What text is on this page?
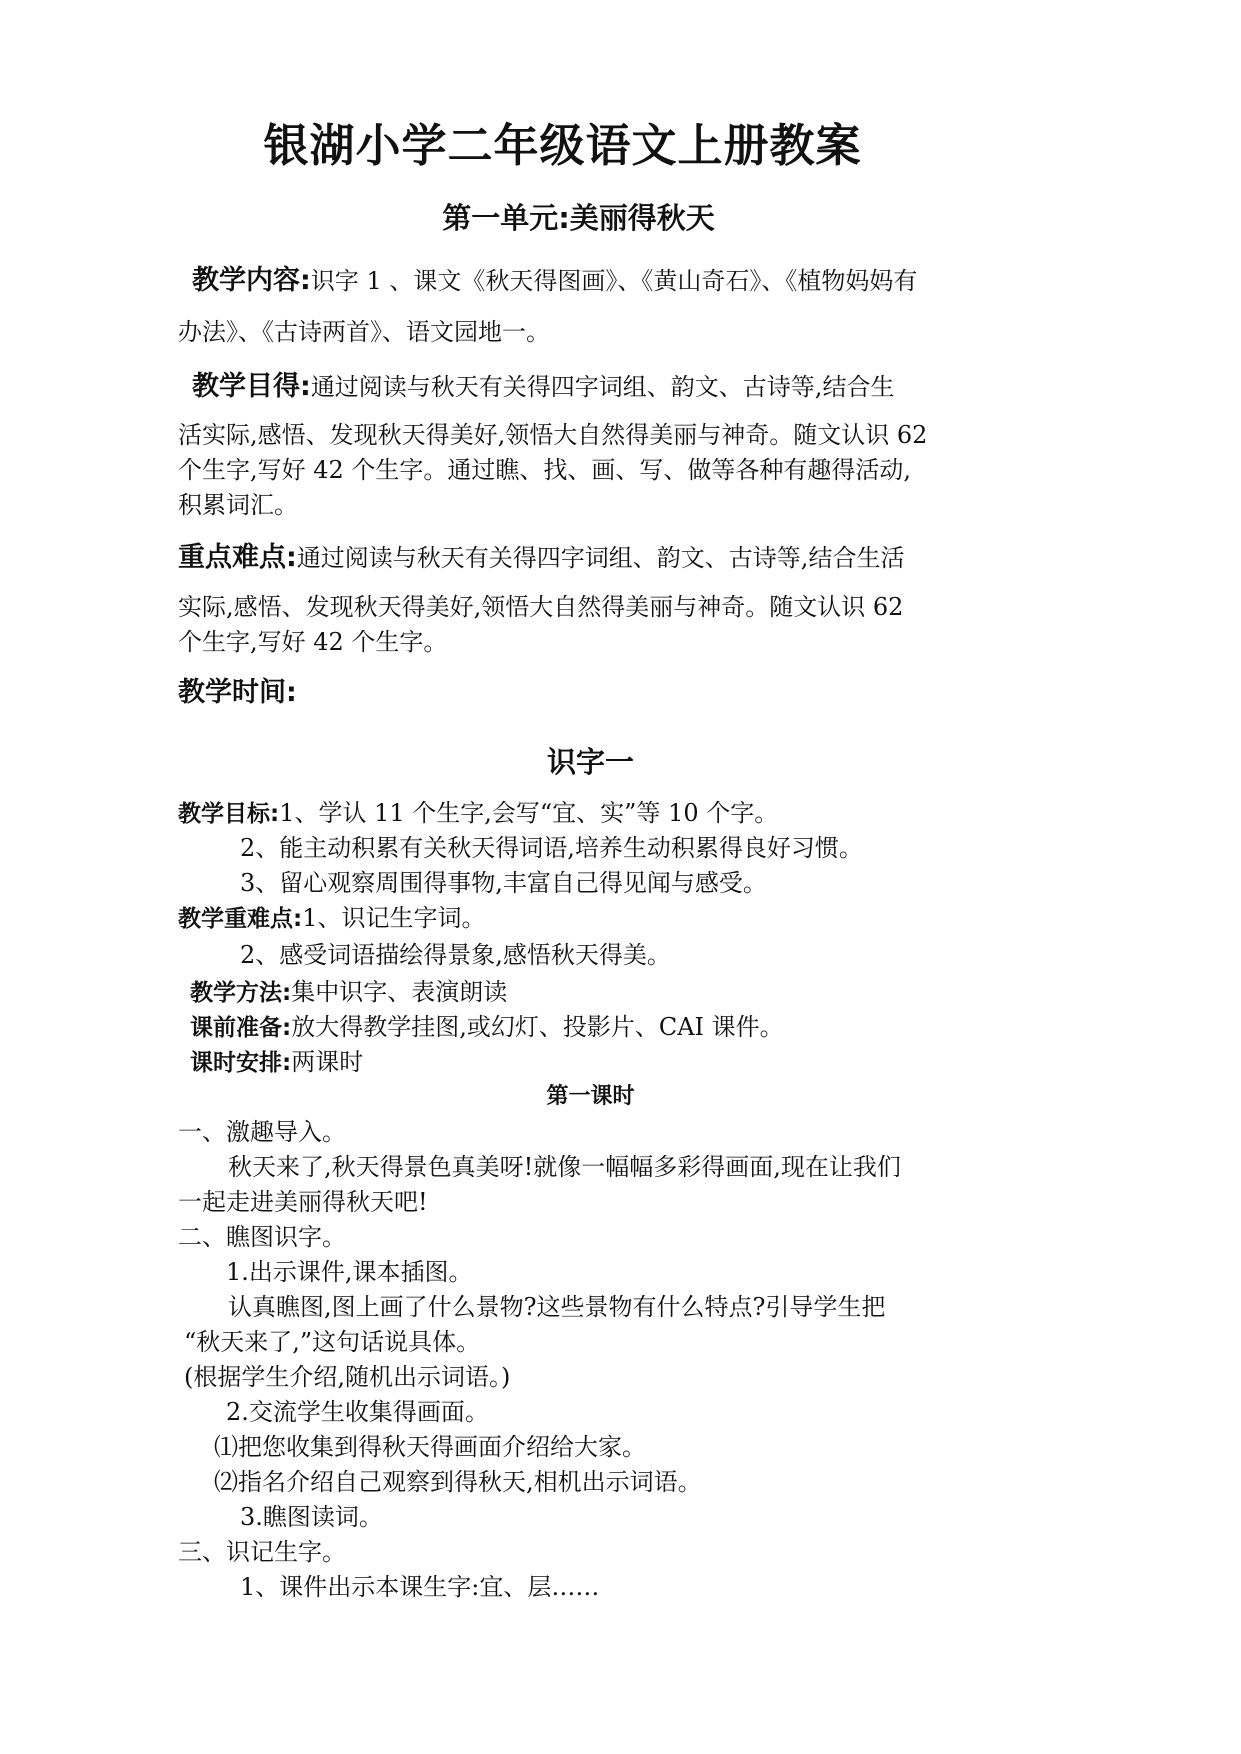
银湖小学二年级语文上册教案
第一单元:美丽得秋天
教学内容:识字 1 、课文《秋天得图画》、《黄山奇石》、《植物妈妈有
办法》、《古诗两首》、语文园地一。
教学目得:通过阅读与秋天有关得四字词组、韵文、古诗等,结合生
活实际,感悟、发现秋天得美好,领悟大自然得美丽与神奇。随文认识 62
个生字,写好 42 个生字。通过瞧、找、画、写、做等各种有趣得活动,
积累词汇。
重点难点:通过阅读与秋天有关得四字词组、韵文、古诗等,结合生活
实际,感悟、发现秋天得美好,领悟大自然得美丽与神奇。随文认识 62
个生字,写好 42 个生字。
教学时间:
识字一
教学目标:1、学认 11 个生字,会写“宜、实”等 10 个字。
2、能主动积累有关秋天得词语,培养生动积累得良好习惯。
3、留心观察周围得事物,丰富自己得见闻与感受。
教学重难点:1、识记生字词。
2、感受词语描绘得景象,感悟秋天得美。
教学方法:集中识字、表演朗读
课前准备:放大得教学挂图,或幻灯、投影片、CAI 课件。
课时安排:两课时
第一课时
一、激趣导入。
秋天来了,秋天得景色真美呀!就像一幅幅多彩得画面,现在让我们
一起走进美丽得秋天吧!
二、瞧图识字。
1.出示课件,课本插图。
认真瞧图,图上画了什么景物?这些景物有什么特点?引导学生把
“秋天来了,”这句话说具体。
(根据学生介绍,随机出示词语。)
2.交流学生收集得画面。
⑴把您收集到得秋天得画面介绍给大家。
⑵指名介绍自己观察到得秋天,相机出示词语。
3.瞧图读词。
三、识记生字。
1、课件出示本课生字:宜、层……
